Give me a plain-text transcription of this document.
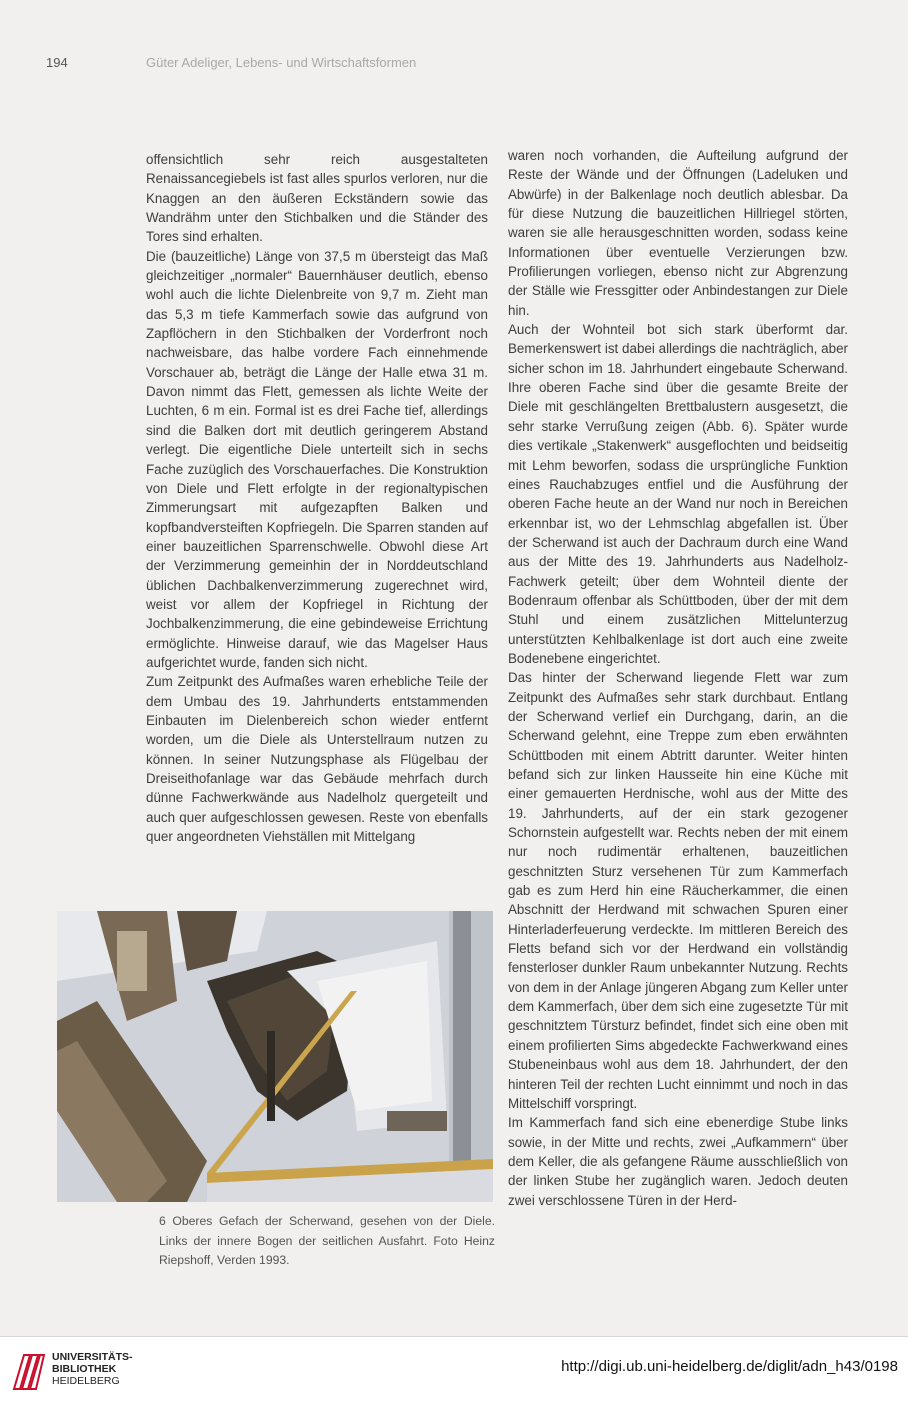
194	Güter Adeliger, Lebens- und Wirtschaftsformen

offensichtlich sehr reich ausgestalteten Renaissancegiebels ist fast alles spurlos verloren, nur die Knaggen an den äußeren Eckständern sowie das Wandrähm unter den Stichbalken und die Ständer des Tores sind erhalten.

Die (bauzeitliche) Länge von 37,5 m übersteigt das Maß gleichzeitiger „normaler“ Bauernhäuser deutlich, ebenso wohl auch die lichte Dielenbreite von 9,7 m. Zieht man das 5,3 m tiefe Kammerfach sowie das aufgrund von Zapflöchern in den Stichbalken der Vorderfront noch nachweisbare, das halbe vordere Fach einnehmende Vorschauer ab, beträgt die Länge der Halle etwa 31 m. Davon nimmt das Flett, gemessen als lichte Weite der Luchten, 6 m ein. Formal ist es drei Fache tief, allerdings sind die Balken dort mit deutlich geringerem Abstand verlegt. Die eigentliche Diele unterteilt sich in sechs Fache zuzüglich des Vorschauerfaches. Die Konstruktion von Diele und Flett erfolgte in der regionaltypischen Zimmerungsart mit aufgezapften Balken und kopfbandversteiften Kopfriegeln. Die Sparren standen auf einer bauzeitlichen Sparrenschwelle. Obwohl diese Art der Verzimmerung gemeinhin der in Norddeutschland üblichen Dachbalkenverzimmerung zugerechnet wird, weist vor allem der Kopfriegel in Richtung der Jochbalkenzimmerung, die eine gebindeweise Errichtung ermöglichte. Hinweise darauf, wie das Magelser Haus aufgerichtet wurde, fanden sich nicht.

Zum Zeitpunkt des Aufmaßes waren erhebliche Teile der dem Umbau des 19. Jahrhunderts entstammenden Einbauten im Dielenbereich schon wieder entfernt worden, um die Diele als Unterstellraum nutzen zu können. In seiner Nutzungsphase als Flügelbau der Dreiseithofanlage war das Gebäude mehrfach durch dünne Fachwerkwände aus Nadelholz quergeteilt und auch quer aufgeschlossen gewesen. Reste von ebenfalls quer angeordneten Viehställen mit Mittelgang

waren noch vorhanden, die Aufteilung aufgrund der Reste der Wände und der Öffnungen (Ladeluken und Abwürfe) in der Balkenlage noch deutlich ablesbar. Da für diese Nutzung die bauzeitlichen Hillriegel störten, waren sie alle herausgeschnitten worden, sodass keine Informationen über eventuelle Verzierungen bzw. Profilierungen vorliegen, ebenso nicht zur Abgrenzung der Ställe wie Fressgitter oder Anbindestangen zur Diele hin.

Auch der Wohnteil bot sich stark überformt dar. Bemerkenswert ist dabei allerdings die nachträglich, aber sicher schon im 18. Jahrhundert eingebaute Scherwand. Ihre oberen Fache sind über die gesamte Breite der Diele mit geschlängelten Brettbalustern ausgesetzt, die sehr starke Verrußung zeigen (Abb. 6). Später wurde dies vertikale „Stakenwerk“ ausgeflochten und beidseitig mit Lehm beworfen, sodass die ursprüngliche Funktion eines Rauchabzuges entfiel und die Ausführung der oberen Fache heute an der Wand nur noch in Bereichen erkennbar ist, wo der Lehmschlag abgefallen ist. Über der Scherwand ist auch der Dachraum durch eine Wand aus der Mitte des 19. Jahrhunderts aus Nadelholz-Fachwerk geteilt; über dem Wohnteil diente der Bodenraum offenbar als Schüttboden, über der mit dem Stuhl und einem zusätzlichen Mittelunterzug unterstützten Kehlbalkenlage ist dort auch eine zweite Bodenebene eingerichtet.

Das hinter der Scherwand liegende Flett war zum Zeitpunkt des Aufmaßes sehr stark durchbaut. Entlang der Scherwand verlief ein Durchgang, darin, an die Scherwand gelehnt, eine Treppe zum eben erwähnten Schüttboden mit einem Abtritt darunter. Weiter hinten befand sich zur linken Hausseite hin eine Küche mit einer gemauerten Herdnische, wohl aus der Mitte des 19. Jahrhunderts, auf der ein stark gezogener Schornstein aufgestellt war. Rechts neben der mit einem nur noch rudimentär erhaltenen, bauzeitlichen geschnitzten Sturz versehenen Tür zum Kammerfach gab es zum Herd hin eine Räucherkammer, die einen Abschnitt der Herdwand mit schwachen Spuren einer Hinterladerfeuerung verdeckte. Im mittleren Bereich des Fletts befand sich vor der Herdwand ein vollständig fensterloser dunkler Raum unbekannter Nutzung. Rechts von dem in der Anlage jüngeren Abgang zum Keller unter dem Kammerfach, über dem sich eine zugesetzte Tür mit geschnitztem Türsturz befindet, findet sich eine oben mit einem profilierten Sims abgedeckte Fachwerkwand eines Stubeneinbaus wohl aus dem 18. Jahrhundert, der den hinteren Teil der rechten Lucht einnimmt und noch in das Mittelschiff vorspringt.

Im Kammerfach fand sich eine ebenerdige Stube links sowie, in der Mitte und rechts, zwei „Aufkammern“ über dem Keller, die als gefangene Räume ausschließlich von der linken Stube her zugänglich waren. Jedoch deuten zwei verschlossene Türen in der Herd-

6 Oberes Gefach der Scherwand, gesehen von der Diele. Links der innere Bogen der seitlichen Ausfahrt. Foto Heinz Riepshoff, Verden 1993.
UNIVERSITÄTS-
BIBLIOTHEK
HEIDELBERG
http://digi.ub.uni-heidelberg.de/diglit/adn_h43/0198
